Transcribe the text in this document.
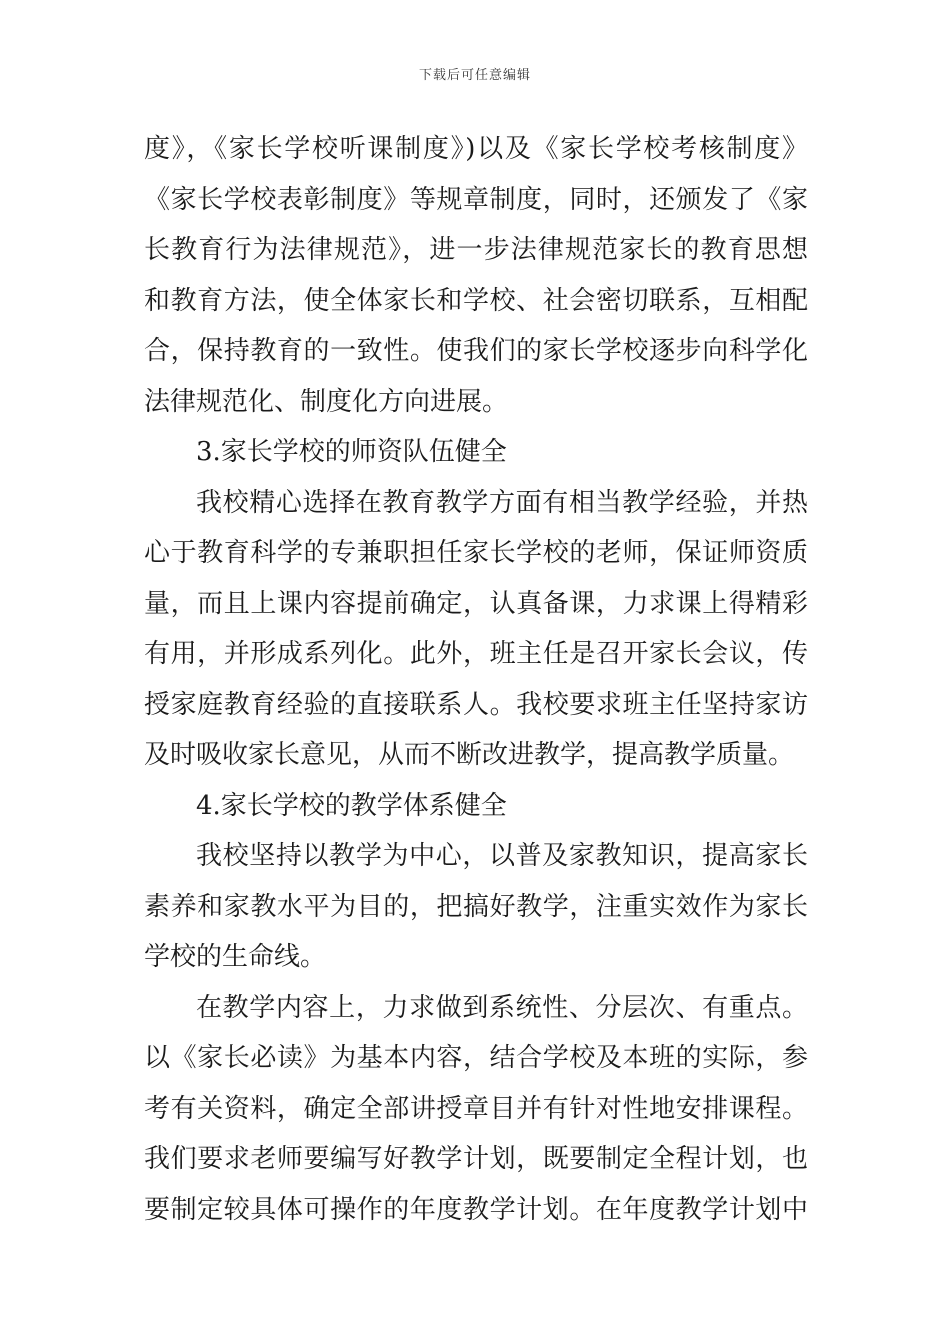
下载后可任意编辑
度》，《家长学校听课制度》)以及《家长学校考核制度》
《家长学校表彰制度》等规章制度，同时，还颁发了《家
长教育行为法律规范》，进一步法律规范家长的教育思想
和教育方法，使全体家长和学校、社会密切联系，互相配
合，保持教育的一致性。使我们的家长学校逐步向科学化
法律规范化、制度化方向进展。
3.家长学校的师资队伍健全
我校精心选择在教育教学方面有相当教学经验，并热
心于教育科学的专兼职担任家长学校的老师，保证师资质
量，而且上课内容提前确定，认真备课，力求课上得精彩
有用，并形成系列化。此外，班主任是召开家长会议，传
授家庭教育经验的直接联系人。我校要求班主任坚持家访
及时吸收家长意见，从而不断改进教学，提高教学质量。
4.家长学校的教学体系健全
我校坚持以教学为中心，以普及家教知识，提高家长
素养和家教水平为目的，把搞好教学，注重实效作为家长
学校的生命线。
在教学内容上，力求做到系统性、分层次、有重点。
以《家长必读》为基本内容，结合学校及本班的实际，参
考有关资料，确定全部讲授章目并有针对性地安排课程。
我们要求老师要编写好教学计划，既要制定全程计划，也
要制定较具体可操作的年度教学计划。在年度教学计划中
